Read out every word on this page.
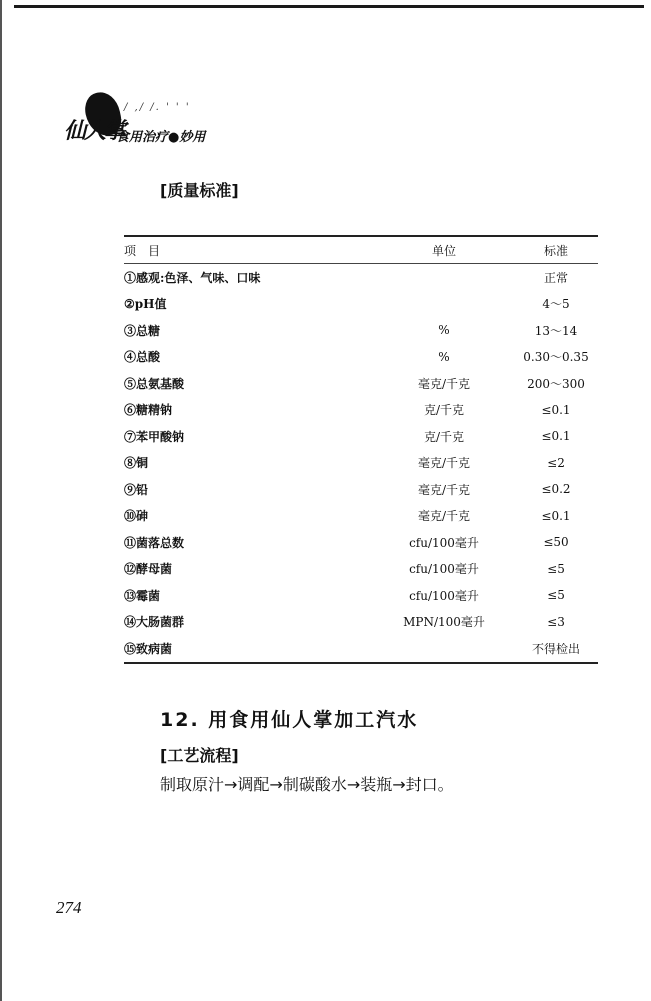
/ ,/ /. ' ' '
仙人掌
食用治疗●妙用
[质量标准]
项　目	单位	标准
①感观:色泽、气味、口味		正常
②pH值		4～5
③总糖	%	13～14
④总酸	%	0.30～0.35
⑤总氨基酸	毫克/千克	200～300
⑥糖精钠	克/千克	≤0.1
⑦苯甲酸钠	克/千克	≤0.1
⑧铜	毫克/千克	≤2
⑨铅	毫克/千克	≤0.2
⑩砷	毫克/千克	≤0.1
⑪菌落总数	cfu/100毫升	≤50
⑫酵母菌	cfu/100毫升	≤5
⑬霉菌	cfu/100毫升	≤5
⑭大肠菌群	MPN/100毫升	≤3
⑮致病菌		不得检出
12. 用食用仙人掌加工汽水
[工艺流程]
制取原汁→调配→制碳酸水→装瓶→封口。
274
